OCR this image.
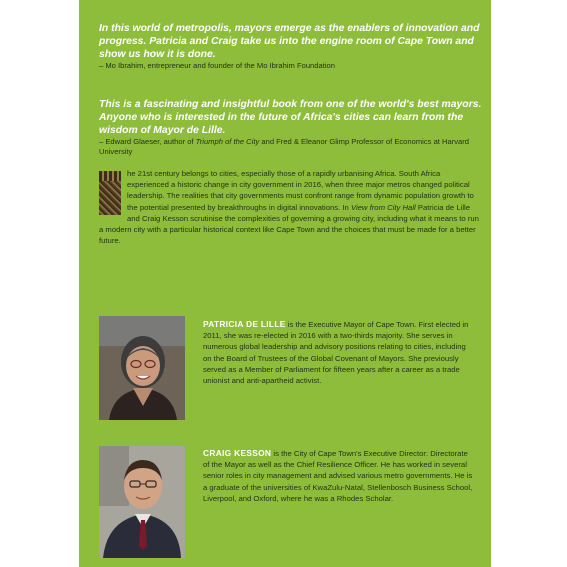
In this world of metropolis, mayors emerge as the enablers of innovation and progress. Patricia and Craig take us into the engine room of Cape Town and show us how it is done.

– Mo Ibrahim, entrepreneur and founder of the Mo Ibrahim Foundation

This is a fascinating and insightful book from one of the world's best mayors. Anyone who is interested in the future of Africa's cities can learn from the wisdom of Mayor de Lille.

– Edward Glaeser, author of Triumph of the City and Fred & Eleanor Glimp Professor of Economics at Harvard University

he 21st century belongs to cities, especially those of a rapidly urbanising Africa. South Africa experienced a historic change in city government in 2016, when three major metros changed political leadership. The realities that city governments must confront range from dynamic population growth to the potential presented by breakthroughs in digital innovations. In View from City Hall Patricia de Lille and Craig Kesson scrutinise the complexities of governing a growing city, including what it means to run a modern city with a particular historical context like Cape Town and the choices that must be made for a better future.
PATRICIA DE LILLE is the Executive Mayor of Cape Town. First elected in 2011, she was re-elected in 2016 with a two-thirds majority. She serves in numerous global leadership and advisory positions relating to cities, including on the Board of Trustees of the Global Covenant of Mayors. She previously served as a Member of Parliament for fifteen years after a career as a trade unionist and anti-apartheid activist.
CRAIG KESSON is the City of Cape Town's Executive Director: Directorate of the Mayor as well as the Chief Resilience Officer. He has worked in several senior roles in city management and advised various metro governments. He is a graduate of the universities of KwaZulu-Natal, Stellenbosch Business School, Liverpool, and Oxford, where he was a Rhodes Scholar.
